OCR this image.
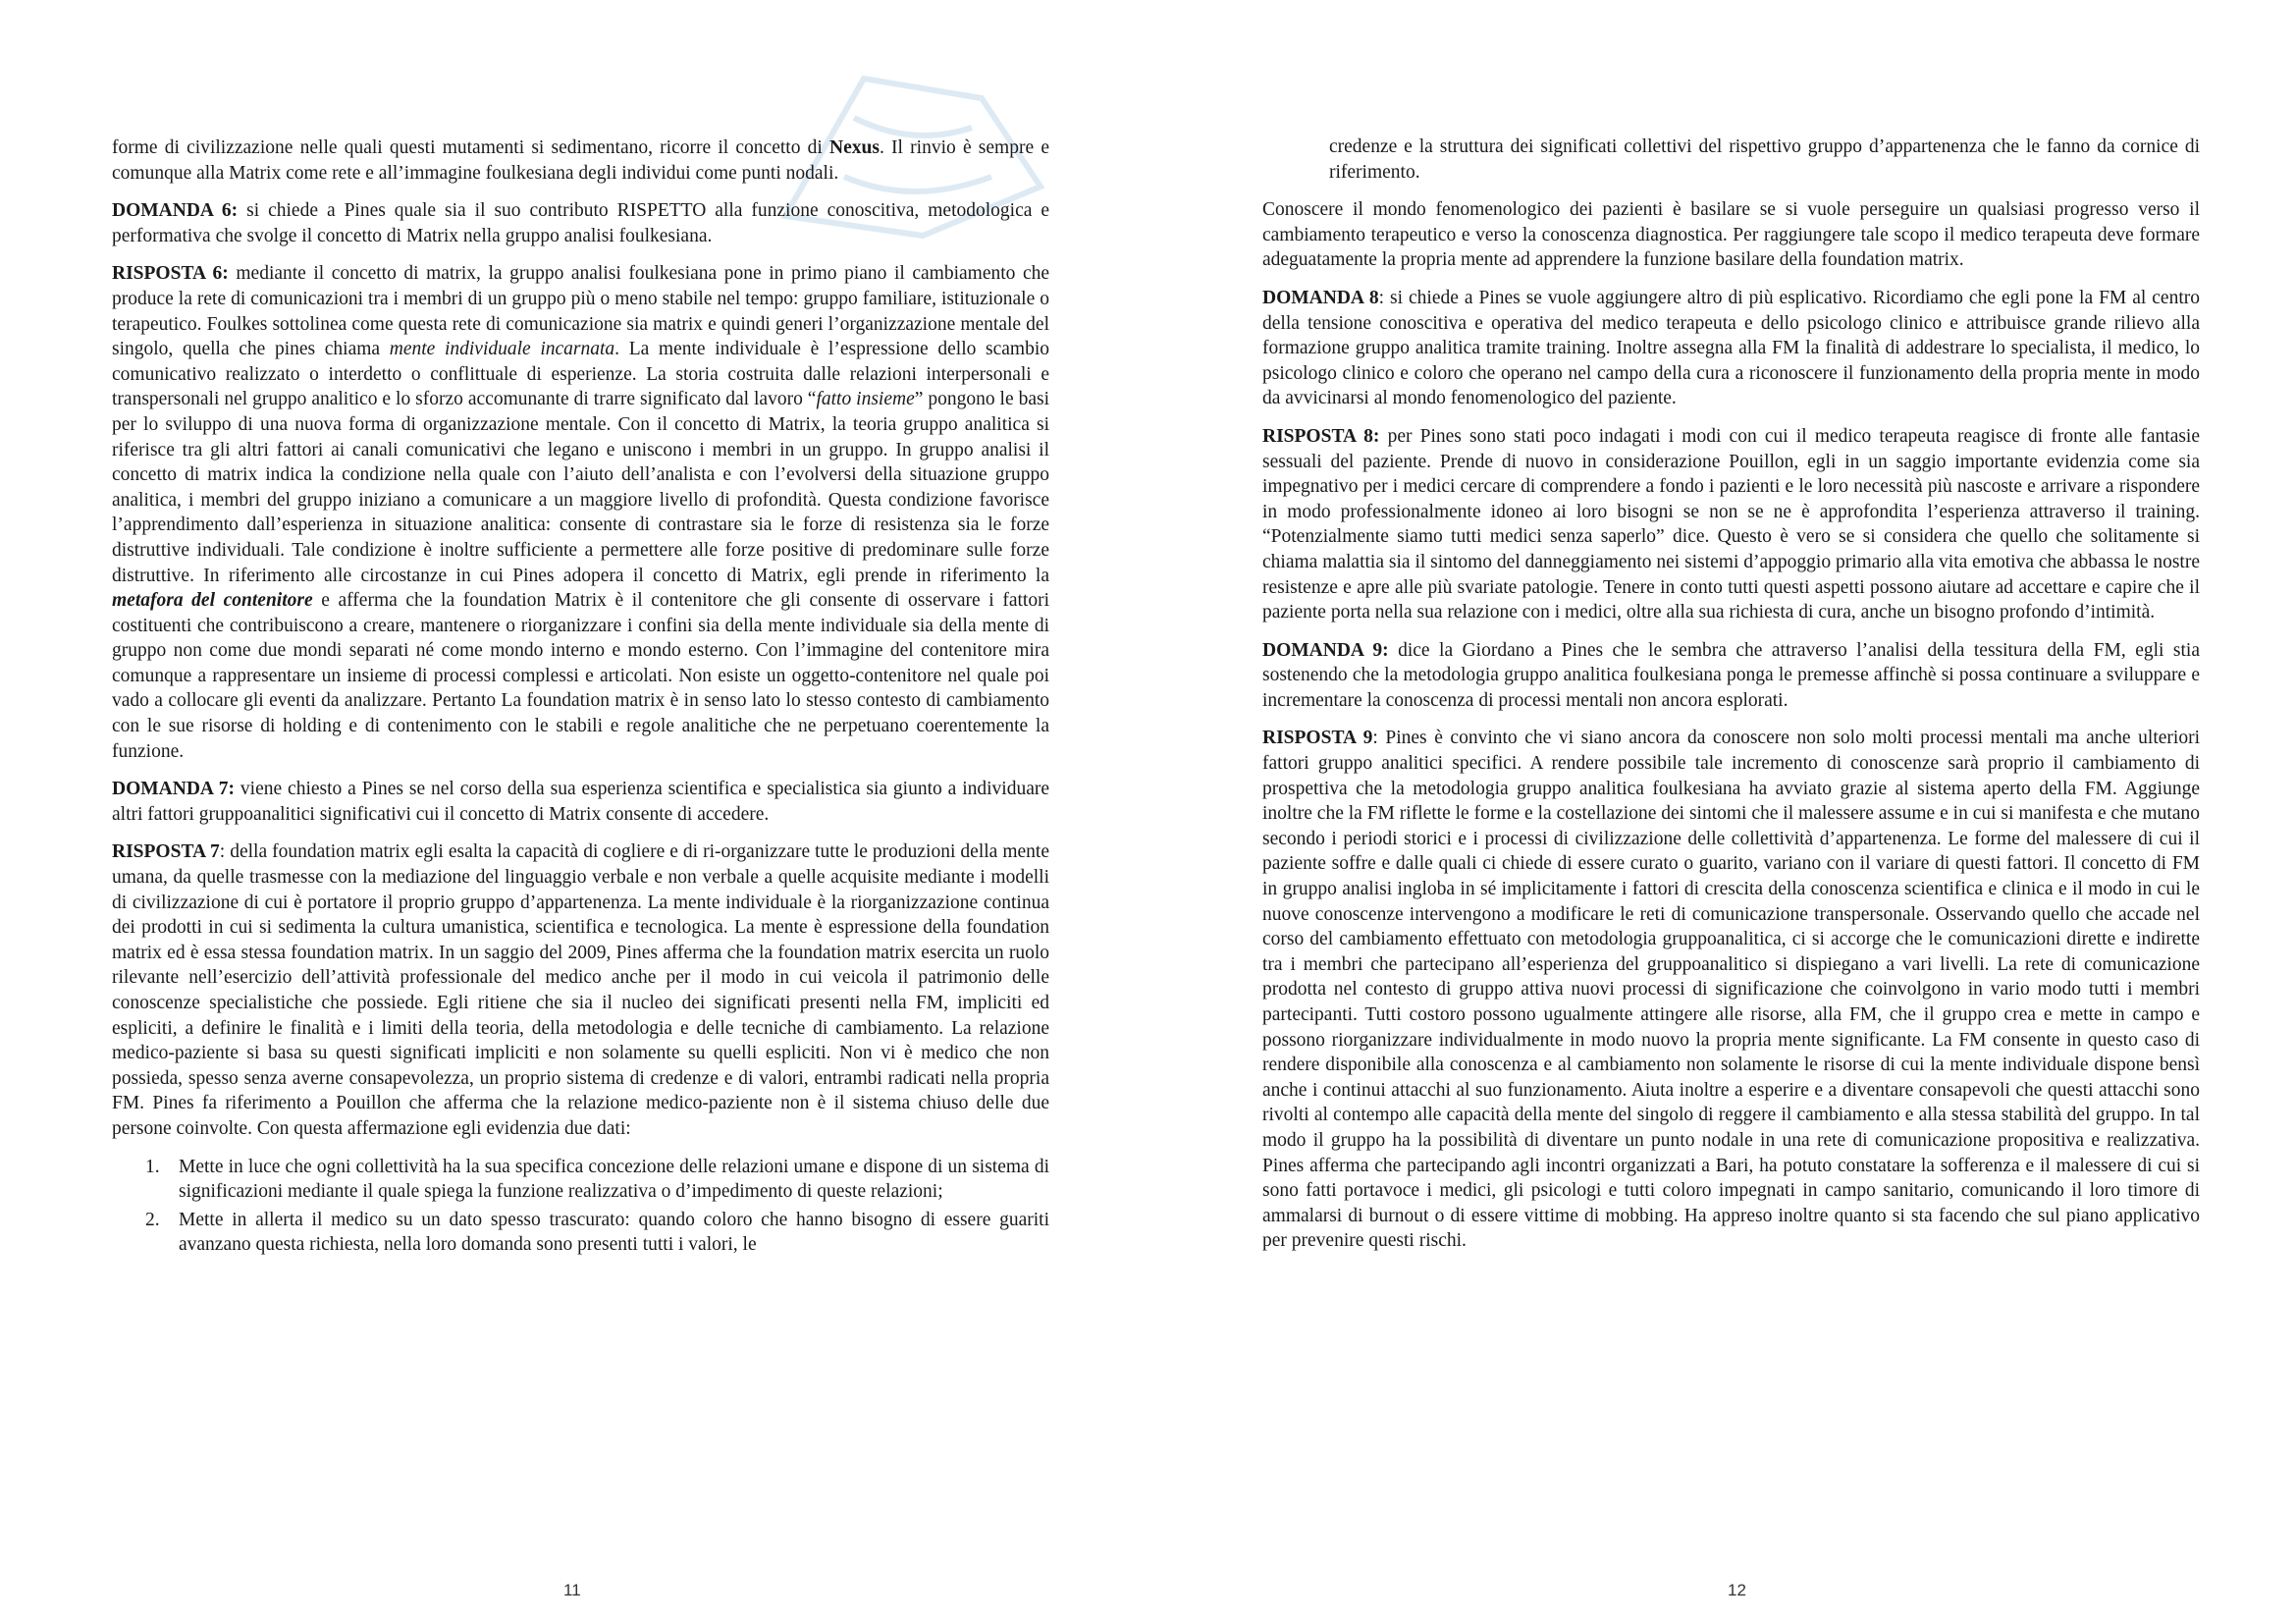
forme di civilizzazione nelle quali questi mutamenti si sedimentano, ricorre il concetto di Nexus. Il rinvio è sempre e comunque alla Matrix come rete e all’immagine foulkesiana degli individui come punti nodali.

DOMANDA 6: si chiede a Pines quale sia il suo contributo RISPETTO alla funzione conoscitiva, metodologica e performativa che svolge il concetto di Matrix nella gruppo analisi foulkesiana.

RISPOSTA 6: mediante il concetto di matrix, la gruppo analisi foulkesiana pone in primo piano il cambiamento che produce la rete di comunicazioni tra i membri di un gruppo più o meno stabile nel tempo: gruppo familiare, istituzionale o terapeutico. Foulkes sottolinea come questa rete di comunicazione sia matrix e quindi generi l’organizzazione mentale del singolo, quella che pines chiama mente individuale incarnata. La mente individuale è l’espressione dello scambio comunicativo realizzato o interdetto o conflittuale di esperienze. La storia costruita dalle relazioni interpersonali e transpersonali nel gruppo analitico e lo sforzo accomunante di trarre significato dal lavoro “fatto insieme” pongono le basi per lo sviluppo di una nuova forma di organizzazione mentale. Con il concetto di Matrix, la teoria gruppo analitica si riferisce tra gli altri fattori ai canali comunicativi che legano e uniscono i membri in un gruppo. In gruppo analisi il concetto di matrix indica la condizione nella quale con l’aiuto dell’analista e con l’evolversi della situazione gruppo analitica, i membri del gruppo iniziano a comunicare a un maggiore livello di profondità. Questa condizione favorisce l’apprendimento dall’esperienza in situazione analitica: consente di contrastare sia le forze di resistenza sia le forze distruttive individuali. Tale condizione è inoltre sufficiente a permettere alle forze positive di predominare sulle forze distruttive. In riferimento alle circostanze in cui Pines adopera il concetto di Matrix, egli prende in riferimento la metafora del contenitore e afferma che la foundation Matrix è il contenitore che gli consente di osservare i fattori costituenti che contribuiscono a creare, mantenere o riorganizzare i confini sia della mente individuale sia della mente di gruppo non come due mondi separati né come mondo interno e mondo esterno. Con l’immagine del contenitore mira comunque a rappresentare un insieme di processi complessi e articolati. Non esiste un oggetto-contenitore nel quale poi vado a collocare gli eventi da analizzare. Pertanto La foundation matrix è in senso lato lo stesso contesto di cambiamento con le sue risorse di holding e di contenimento con le stabili e regole analitiche che ne perpetuano coerentemente la funzione.

DOMANDA 7: viene chiesto a Pines se nel corso della sua esperienza scientifica e specialistica sia giunto a individuare altri fattori gruppoanalitici significativi cui il concetto di Matrix consente di accedere.

RISPOSTA 7: della foundation matrix egli esalta la capacità di cogliere e di ri-organizzare tutte le produzioni della mente umana, da quelle trasmesse con la mediazione del linguaggio verbale e non verbale a quelle acquisite mediante i modelli di civilizzazione di cui è portatore il proprio gruppo d’appartenenza. La mente individuale è la riorganizzazione continua dei prodotti in cui si sedimenta la cultura umanistica, scientifica e tecnologica. La mente è espressione della foundation matrix ed è essa stessa foundation matrix. In un saggio del 2009, Pines afferma che la foundation matrix esercita un ruolo rilevante nell’esercizio dell’attività professionale del medico anche per il modo in cui veicola il patrimonio delle conoscenze specialistiche che possiede. Egli ritiene che sia il nucleo dei significati presenti nella FM, impliciti ed espliciti, a definire le finalità e i limiti della teoria, della metodologia e delle tecniche di cambiamento. La relazione medico-paziente si basa su questi significati impliciti e non solamente su quelli espliciti. Non vi è medico che non possieda, spesso senza averne consapevolezza, un proprio sistema di credenze e di valori, entrambi radicati nella propria FM. Pines fa riferimento a Pouillon che afferma che la relazione medico-paziente non è il sistema chiuso delle due persone coinvolte. Con questa affermazione egli evidenzia due dati:

1. Mette in luce che ogni collettività ha la sua specifica concezione delle relazioni umane e dispone di un sistema di significazioni mediante il quale spiega la funzione realizzativa o d’impedimento di queste relazioni;
2. Mette in allerta il medico su un dato spesso trascurato: quando coloro che hanno bisogno di essere guariti avanzano questa richiesta, nella loro domanda sono presenti tutti i valori, le
11
credenze e la struttura dei significati collettivi del rispettivo gruppo d’appartenenza che le fanno da cornice di riferimento.

Conoscere il mondo fenomenologico dei pazienti è basilare se si vuole perseguire un qualsiasi progresso verso il cambiamento terapeutico e verso la conoscenza diagnostica. Per raggiungere tale scopo il medico terapeuta deve formare adeguatamente la propria mente ad apprendere la funzione basilare della foundation matrix.

DOMANDA 8: si chiede a Pines se vuole aggiungere altro di più esplicativo. Ricordiamo che egli pone la FM al centro della tensione conoscitiva e operativa del medico terapeuta e dello psicologo clinico e attribuisce grande rilievo alla formazione gruppo analitica tramite training. Inoltre assegna alla FM la finalità di addestrare lo specialista, il medico, lo psicologo clinico e coloro che operano nel campo della cura a riconoscere il funzionamento della propria mente in modo da avvicinarsi al mondo fenomenologico del paziente.

RISPOSTA 8: per Pines sono stati poco indagati i modi con cui il medico terapeuta reagisce di fronte alle fantasie sessuali del paziente. Prende di nuovo in considerazione Pouillon, egli in un saggio importante evidenzia come sia impegnativo per i medici cercare di comprendere a fondo i pazienti e le loro necessità più nascoste e arrivare a rispondere in modo professionalmente idoneo ai loro bisogni se non se ne è approfondita l’esperienza attraverso il training. “Potenzialmente siamo tutti medici senza saperlo” dice. Questo è vero se si considera che quello che solitamente si chiama malattia sia il sintomo del danneggiamento nei sistemi d’appoggio primario alla vita emotiva che abbassa le nostre resistenze e apre alle più svariate patologie. Tenere in conto tutti questi aspetti possono aiutare ad accettare e capire che il paziente porta nella sua relazione con i medici, oltre alla sua richiesta di cura, anche un bisogno profondo d’intimità.

DOMANDA 9: dice la Giordano a Pines che le sembra che attraverso l’analisi della tessitura della FM, egli stia sostenendo che la metodologia gruppo analitica foulkesiana ponga le premesse affinchè si possa continuare a sviluppare e incrementare la conoscenza di processi mentali non ancora esplorati.

RISPOSTA 9: Pines è convinto che vi siano ancora da conoscere non solo molti processi mentali ma anche ulteriori fattori gruppo analitici specifici. A rendere possibile tale incremento di conoscenze sarà proprio il cambiamento di prospettiva che la metodologia gruppo analitica foulkesiana ha avviato grazie al sistema aperto della FM. Aggiunge inoltre che la FM riflette le forme e la costellazione dei sintomi che il malessere assume e in cui si manifesta e che mutano secondo i periodi storici e i processi di civilizzazione delle collettività d’appartenenza. Le forme del malessere di cui il paziente soffre e dalle quali ci chiede di essere curato o guarito, variano con il variare di questi fattori. Il concetto di FM in gruppo analisi ingloba in sé implicitamente i fattori di crescita della conoscenza scientifica e clinica e il modo in cui le nuove conoscenze intervengono a modificare le reti di comunicazione transpersonale. Osservando quello che accade nel corso del cambiamento effettuato con metodologia gruppoanalitica, ci si accorge che le comunicazioni dirette e indirette tra i membri che partecipano all’esperienza del gruppoanalitico si dispiegano a vari livelli. La rete di comunicazione prodotta nel contesto di gruppo attiva nuovi processi di significazione che coinvolgono in vario modo tutti i membri partecipanti. Tutti costoro possono ugualmente attingere alle risorse, alla FM, che il gruppo crea e mette in campo e possono riorganizzare individualmente in modo nuovo la propria mente significante. La FM consente in questo caso di rendere disponibile alla conoscenza e al cambiamento non solamente le risorse di cui la mente individuale dispone bensì anche i continui attacchi al suo funzionamento. Aiuta inoltre a esperire e a diventare consapevoli che questi attacchi sono rivolti al contempo alle capacità della mente del singolo di reggere il cambiamento e alla stessa stabilità del gruppo. In tal modo il gruppo ha la possibilità di diventare un punto nodale in una rete di comunicazione propositiva e realizzativa. Pines afferma che partecipando agli incontri organizzati a Bari, ha potuto constatare la sofferenza e il malessere di cui si sono fatti portavoce i medici, gli psicologi e tutti coloro impegnati in campo sanitario, comunicando il loro timore di ammalarsi di burnout o di essere vittime di mobbing. Ha appreso inoltre quanto si sta facendo che sul piano applicativo per prevenire questi rischi.

12
